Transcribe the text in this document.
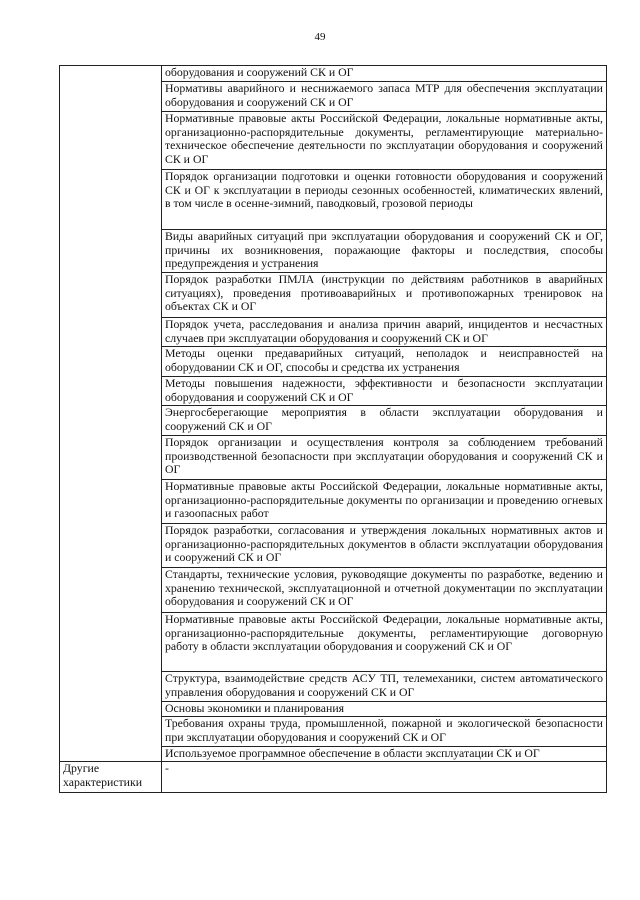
49
	оборудования и сооружений СК и ОГ
	Нормативы аварийного и неснижаемого запаса МТР для обеспечения эксплуатации оборудования и сооружений СК и ОГ
	Нормативные правовые акты Российской Федерации, локальные нормативные акты, организационно-распорядительные документы, регламентирующие материально-техническое обеспечение деятельности по эксплуатации оборудования и сооружений СК и ОГ
	Порядок организации подготовки и оценки готовности оборудования и сооружений СК и ОГ к эксплуатации в периоды сезонных особенностей, климатических явлений, в том числе в осенне-зимний, паводковый, грозовой периоды
	Виды аварийных ситуаций при эксплуатации оборудования и сооружений СК и ОГ, причины их возникновения, поражающие факторы и последствия, способы предупреждения и устранения
	Порядок разработки ПМЛА (инструкции по действиям работников в аварийных ситуациях), проведения противоаварийных и противопожарных тренировок на объектах СК и ОГ
	Порядок учета, расследования и анализа причин аварий, инцидентов и несчастных случаев при эксплуатации оборудования и сооружений СК и ОГ
	Методы оценки предаварийных ситуаций, неполадок и неисправностей на оборудовании СК и ОГ, способы и средства их устранения
	Методы повышения надежности, эффективности и безопасности эксплуатации оборудования и сооружений СК и ОГ
	Энергосберегающие мероприятия в области эксплуатации оборудования и сооружений СК и ОГ
	Порядок организации и осуществления контроля за соблюдением требований производственной безопасности при эксплуатации оборудования и сооружений СК и ОГ
	Нормативные правовые акты Российской Федерации, локальные нормативные акты, организационно-распорядительные документы по организации и проведению огневых и газоопасных работ
	Порядок разработки, согласования и утверждения локальных нормативных актов и организационно-распорядительных документов в области эксплуатации оборудования и сооружений СК и ОГ
	Стандарты, технические условия, руководящие документы по разработке, ведению и хранению технической, эксплуатационной и отчетной документации по эксплуатации оборудования и сооружений СК и ОГ
	Нормативные правовые акты Российской Федерации, локальные нормативные акты, организационно-распорядительные документы, регламентирующие договорную работу в области эксплуатации оборудования и сооружений СК и ОГ
	Структура, взаимодействие средств АСУ ТП, телемеханики, систем автоматического управления оборудования и сооружений СК и ОГ
	Основы экономики и планирования
	Требования охраны труда, промышленной, пожарной и экологической безопасности при эксплуатации оборудования и сооружений СК и ОГ
	Используемое программное обеспечение в области эксплуатации СК и ОГ
Другие характеристики	-
